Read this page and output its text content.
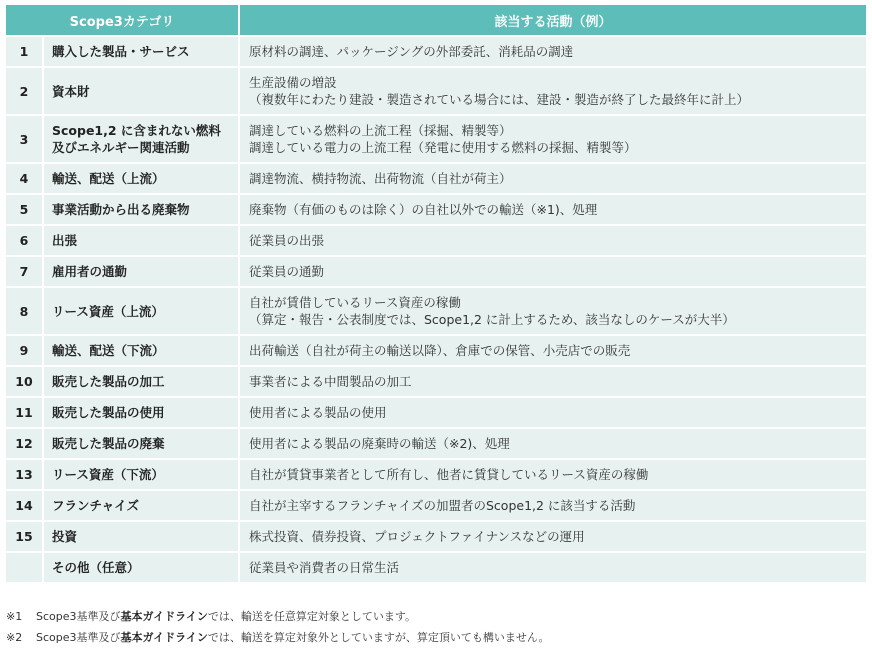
Scope3カテゴリ		該当する活動（例）
1	購入した製品・サービス	原材料の調達、パッケージングの外部委託、消耗品の調達

2	資本財	生産設備の増設
（複数年にわたり建設・製造されている場合には、建設・製造が終了した最終年に計上）

3	Scope1,2 に含まれない燃料
及びエネルギー関連活動	調達している燃料の上流工程（採掘、精製等）
調達している電力の上流工程（発電に使用する燃料の採掘、精製等）

4	輸送、配送（上流）	調達物流、横持物流、出荷物流（自社が荷主）

5	事業活動から出る廃棄物	廃棄物（有価のものは除く）の自社以外での輸送（※1)、処理

6	出張	従業員の出張

7	雇用者の通勤	従業員の通勤

8	リース資産（上流）	自社が賃借しているリース資産の稼働
（算定・報告・公表制度では、Scope1,2 に計上するため、該当なしのケースが大半）

9	輸送、配送（下流）	出荷輸送（自社が荷主の輸送以降）、倉庫での保管、小売店での販売

10	販売した製品の加工	事業者による中間製品の加工

11	販売した製品の使用	使用者による製品の使用

12	販売した製品の廃棄	使用者による製品の廃棄時の輸送（※2)、処理

13	リース資産（下流）	自社が賃貸事業者として所有し、他者に賃貸しているリース資産の稼働

14	フランチャイズ	自社が主宰するフランチャイズの加盟者のScope1,2 に該当する活動

15	投資	株式投資、債券投資、プロジェクトファイナンスなどの運用

	その他（任意）	従業員や消費者の日常生活
※1 Scope3基準及び基本ガイドラインでは、輸送を任意算定対象としています。
※2 Scope3基準及び基本ガイドラインでは、輸送を算定対象外としていますが、算定頂いても構いません。
